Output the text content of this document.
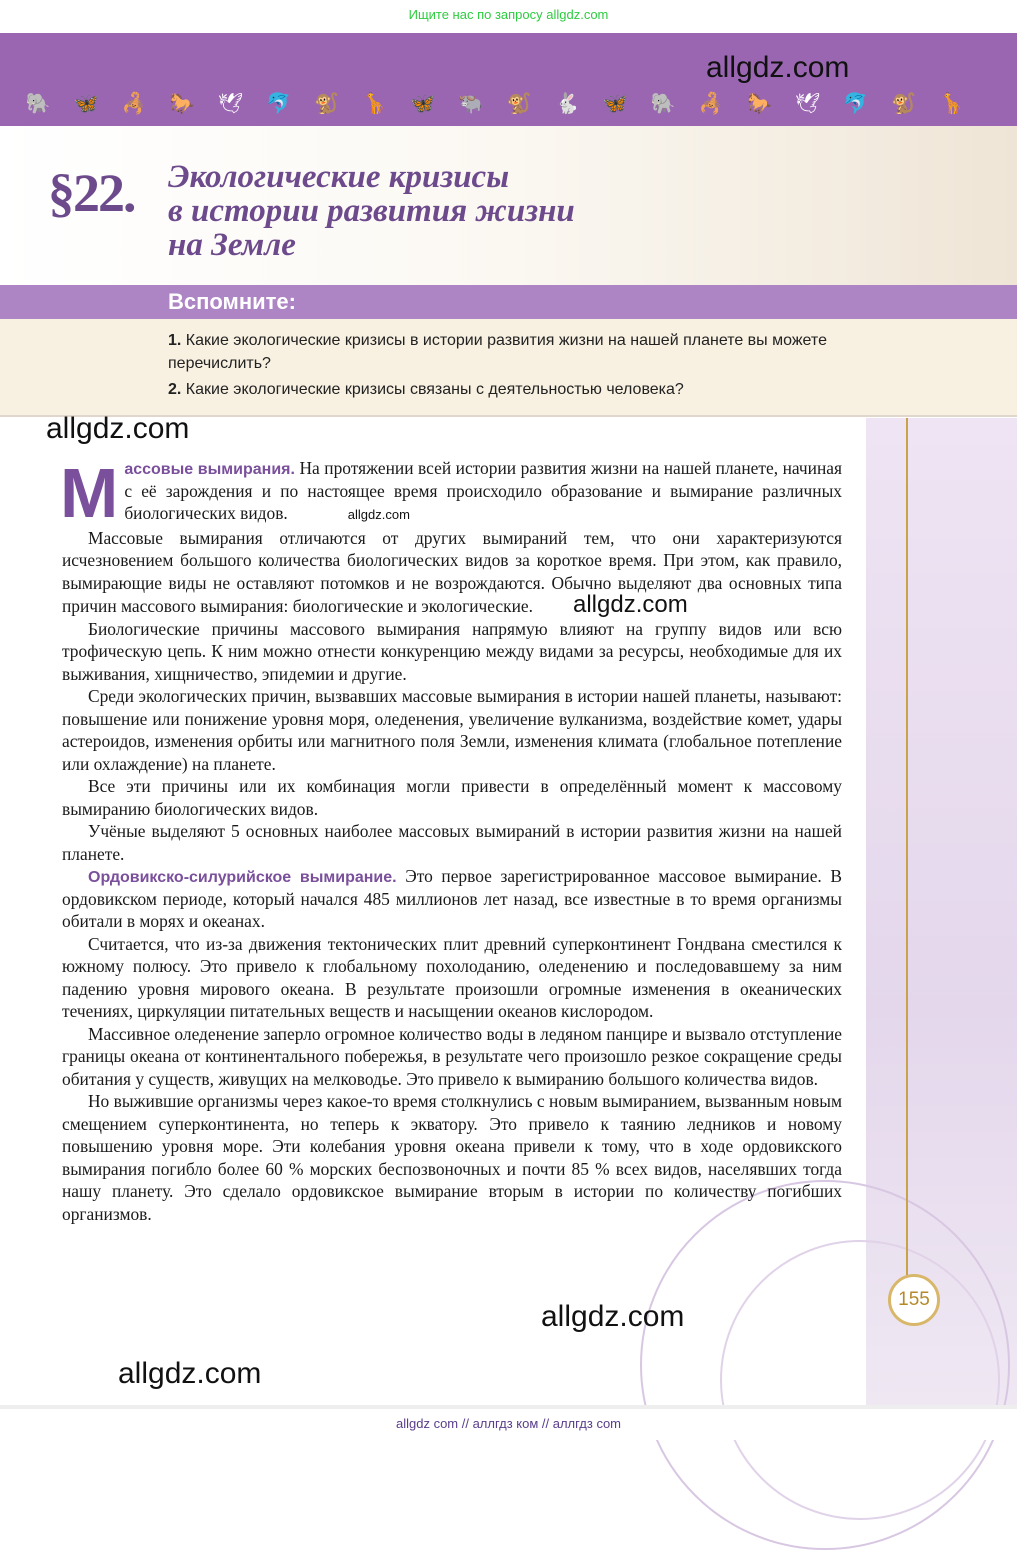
Ищите нас по запросу allgdz.com
allgdz.com
🐘 🦋 🦂 🐎 🕊 🐬 🐒 🦒 🦋 🐃 🐒 🐇 🦋 🐘 🦂 🐎 🕊 🐬 🐒 🦒
§22. Экологические кризисы
в истории развития жизни
на Земле
Вспомните:
1. Какие экологические кризисы в истории развития жизни на нашей планете вы можете перечислить?
2. Какие экологические кризисы связаны с деятельностью человека?
155
allgdz.com

Массовые вымирания. На протяжении всей истории развития жизни на нашей планете, начиная с её зарождения и по настоящее время происходило образование и вымирание различных биологических видов.	allgdz.com

Массовые вымирания отличаются от других вымираний тем, что они характеризуются исчезновением большого количества биологических видов за короткое время. При этом, как правило, вымирающие виды не оставляют потомков и не возрождаются. Обычно выделяют два основных типа причин массового вымирания: биологические и экологические. allgdz.com

Биологические причины массового вымирания напрямую влияют на группу видов или всю трофическую цепь. К ним можно отнести конкуренцию между видами за ресурсы, необходимые для их выживания, хищничество, эпидемии и другие.

Среди экологических причин, вызвавших массовые вымирания в истории нашей планеты, называют: повышение или понижение уровня моря, оледенения, увеличение вулканизма, воздействие комет, удары астероидов, изменения орбиты или магнитного поля Земли, изменения климата (глобальное потепление или охлаждение) на планете.

Все эти причины или их комбинация могли привести в определённый момент к массовому вымиранию биологических видов.

Учёные выделяют 5 основных наиболее массовых вымираний в истории развития жизни на нашей планете.

Ордовикско-силурийское вымирание. Это первое зарегистрированное массовое вымирание. В ордовикском периоде, который начался 485 миллионов лет назад, все известные в то время организмы обитали в морях и океанах.

Считается, что из-за движения тектонических плит древний суперконтинент Гондвана сместился к южному полюсу. Это привело к глобальному похолоданию, оледенению и последовавшему за ним падению уровня мирового океана. В результате произошли огромные изменения в океанических течениях, циркуляции питательных веществ и насыщении океанов кислородом.

Массивное оледенение заперло огромное количество воды в ледяном панцире и вызвало отступление границы океана от континентального побережья, в результате чего произошло резкое сокращение среды обитания у существ, живущих на мелководье. Это привело к вымиранию большого количества видов.

Но выжившие организмы через какое-то время столкнулись с новым вымиранием, вызванным новым смещением суперконтинента, но теперь к экватору. Это привело к таянию ледников и новому повышению уровня море. Эти колебания уровня океана привели к тому, что в ходе ордовикского вымирания погибло более 60 % морских беспозвоночных и почти 85 % всех видов, населявших тогда нашу планету. Это сделало ордовикское вымирание вторым в истории по количеству погибших организмов.

allgdz.com
allgdz.com
allgdz com // аллгдз ком // аллгдз com
